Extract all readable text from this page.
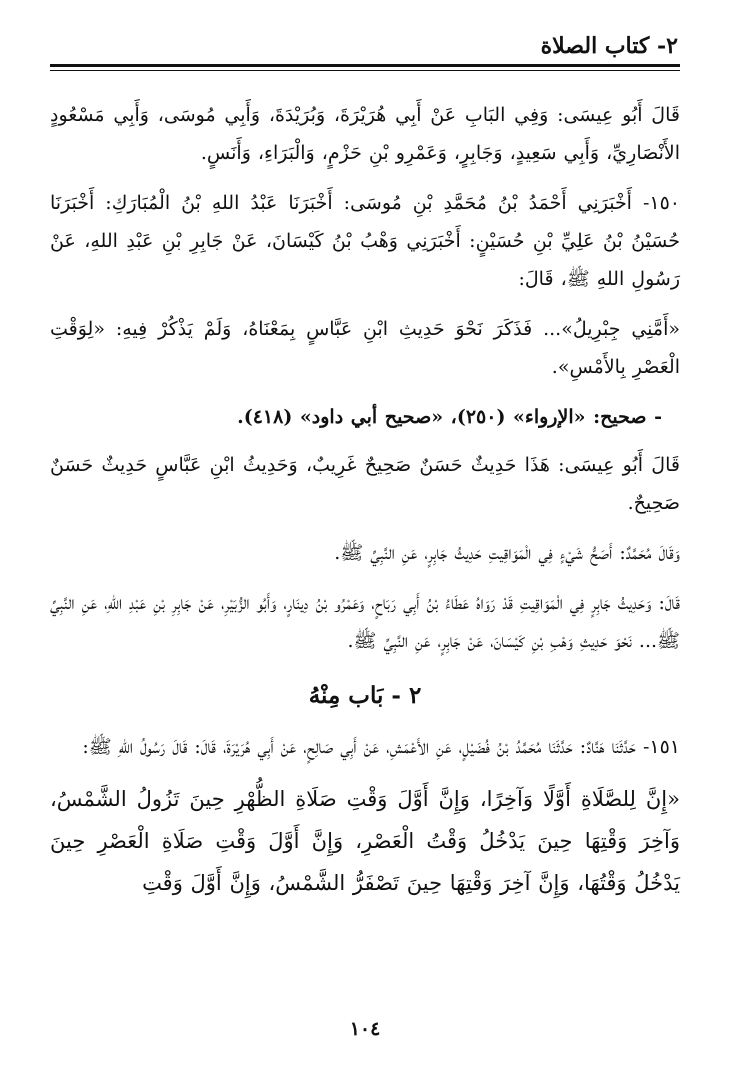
٢- كتاب الصلاة

قَالَ أَبُو عِيسَى: وَفِي البَابِ عَنْ أَبِي هُرَيْرَةَ، وَبُرَيْدَةَ، وَأَبِي مُوسَى، وَأَبِي مَسْعُودٍ الأَنْصَارِيِّ، وَأَبِي سَعِيدٍ، وَجَابِرٍ، وَعَمْرِو بْنِ حَزْمٍ، وَالْبَرَاءِ، وَأَنَسٍ.

١٥٠- أَخْبَرَنِي أَحْمَدُ بْنُ مُحَمَّدِ بْنِ مُوسَى: أَخْبَرَنَا عَبْدُ اللهِ بْنُ الْمُبَارَكِ: أَخْبَرَنَا حُسَيْنُ بْنُ عَلِيِّ بْنِ حُسَيْنٍ: أَخْبَرَنِي وَهْبُ بْنُ كَيْسَانَ، عَنْ جَابِرِ بْنِ عَبْدِ اللهِ، عَنْ رَسُولِ اللهِ ﷺ، قَالَ:

«أَمَّنِي جِبْرِيلُ»... فَذَكَرَ نَحْوَ حَدِيثِ ابْنِ عَبَّاسٍ بِمَعْنَاهُ، وَلَمْ يَذْكُرْ فِيهِ: «لِوَقْتِ الْعَصْرِ بِالأَمْسِ».

- صحيح: «الإرواء» (٢٥٠)، «صحيح أبي داود» (٤١٨).

قَالَ أَبُو عِيسَى: هَذَا حَدِيثٌ حَسَنٌ صَحِيحٌ غَرِيبٌ، وَحَدِيثُ ابْنِ عَبَّاسٍ حَدِيثٌ حَسَنٌ صَحِيحٌ.

وَقَالَ مُحَمَّدٌ: أَصَحُّ شَيْءٍ فِي الْمَوَاقِيتِ حَدِيثُ جَابِرٍ، عَنِ النَّبِيِّ ﷺ.

قَالَ: وَحَدِيثُ جَابِرٍ فِي الْمَوَاقِيتِ قَدْ رَوَاهُ عَطَاءُ بْنُ أَبِي رَبَاحٍ، وَعَمْرُو بْنُ دِينَارٍ، وَأَبُو الزُّبَيْرِ، عَنْ جَابِرِ بْنِ عَبْدِ اللهِ، عَنِ النَّبِيِّ ﷺ... نَحْوَ حَدِيثِ وَهْبِ بْنِ كَيْسَانَ، عَنْ جَابِرٍ، عَنِ النَّبِيِّ ﷺ.

٢ - بَاب مِنْهُ

١٥١- حَدَّثَنَا هَنَّادٌ: حَدَّثَنَا مُحَمَّدُ بْنُ فُضَيْلٍ، عَنِ الأَعْمَشِ، عَنْ أَبِي صَالِحٍ، عَنْ أَبِي هُرَيْرَةَ، قَالَ: قَالَ رَسُولُ اللهِ ﷺ:

«إِنَّ لِلصَّلَاةِ أَوَّلًا وَآخِرًا، وَإِنَّ أَوَّلَ وَقْتِ صَلَاةِ الظُّهْرِ حِينَ تَزُولُ الشَّمْسُ، وَآخِرَ وَقْتِهَا حِينَ يَدْخُلُ وَقْتُ الْعَصْرِ، وَإِنَّ أَوَّلَ وَقْتِ صَلَاةِ الْعَصْرِ حِينَ يَدْخُلُ وَقْتُهَا، وَإِنَّ آخِرَ وَقْتِهَا حِينَ تَصْفَرُّ الشَّمْسُ، وَإِنَّ أَوَّلَ وَقْتِ

١٠٤
